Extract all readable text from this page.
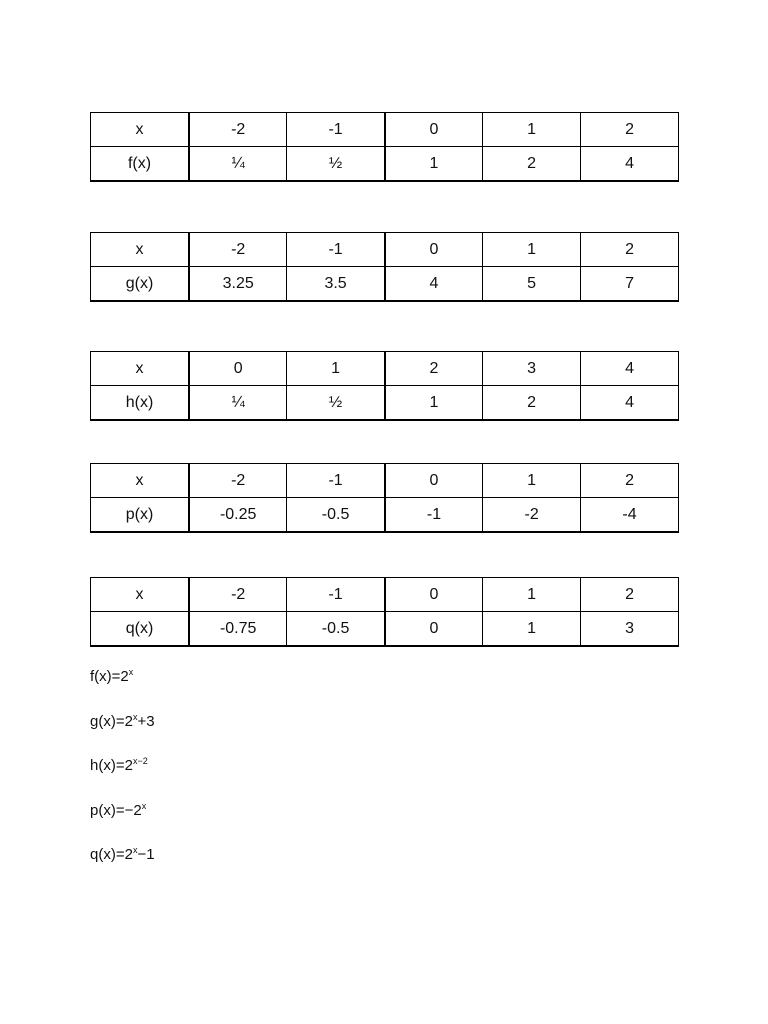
x	-2	-1	0	1	2
f(x)	¼	½	1	2	4
x	-2	-1	0	1	2
g(x)	3.25	3.5	4	5	7
x	0	1	2	3	4
h(x)	¼	½	1	2	4
x	-2	-1	0	1	2
p(x)	-0.25	-0.5	-1	-2	-4
x	-2	-1	0	1	2
q(x)	-0.75	-0.5	0	1	3
$f(x)=2^x$
$g(x)=2^x+3$
$h(x)=2^{x-2}$
$p(x)=-2^x$
$q(x)=2^x-1$
